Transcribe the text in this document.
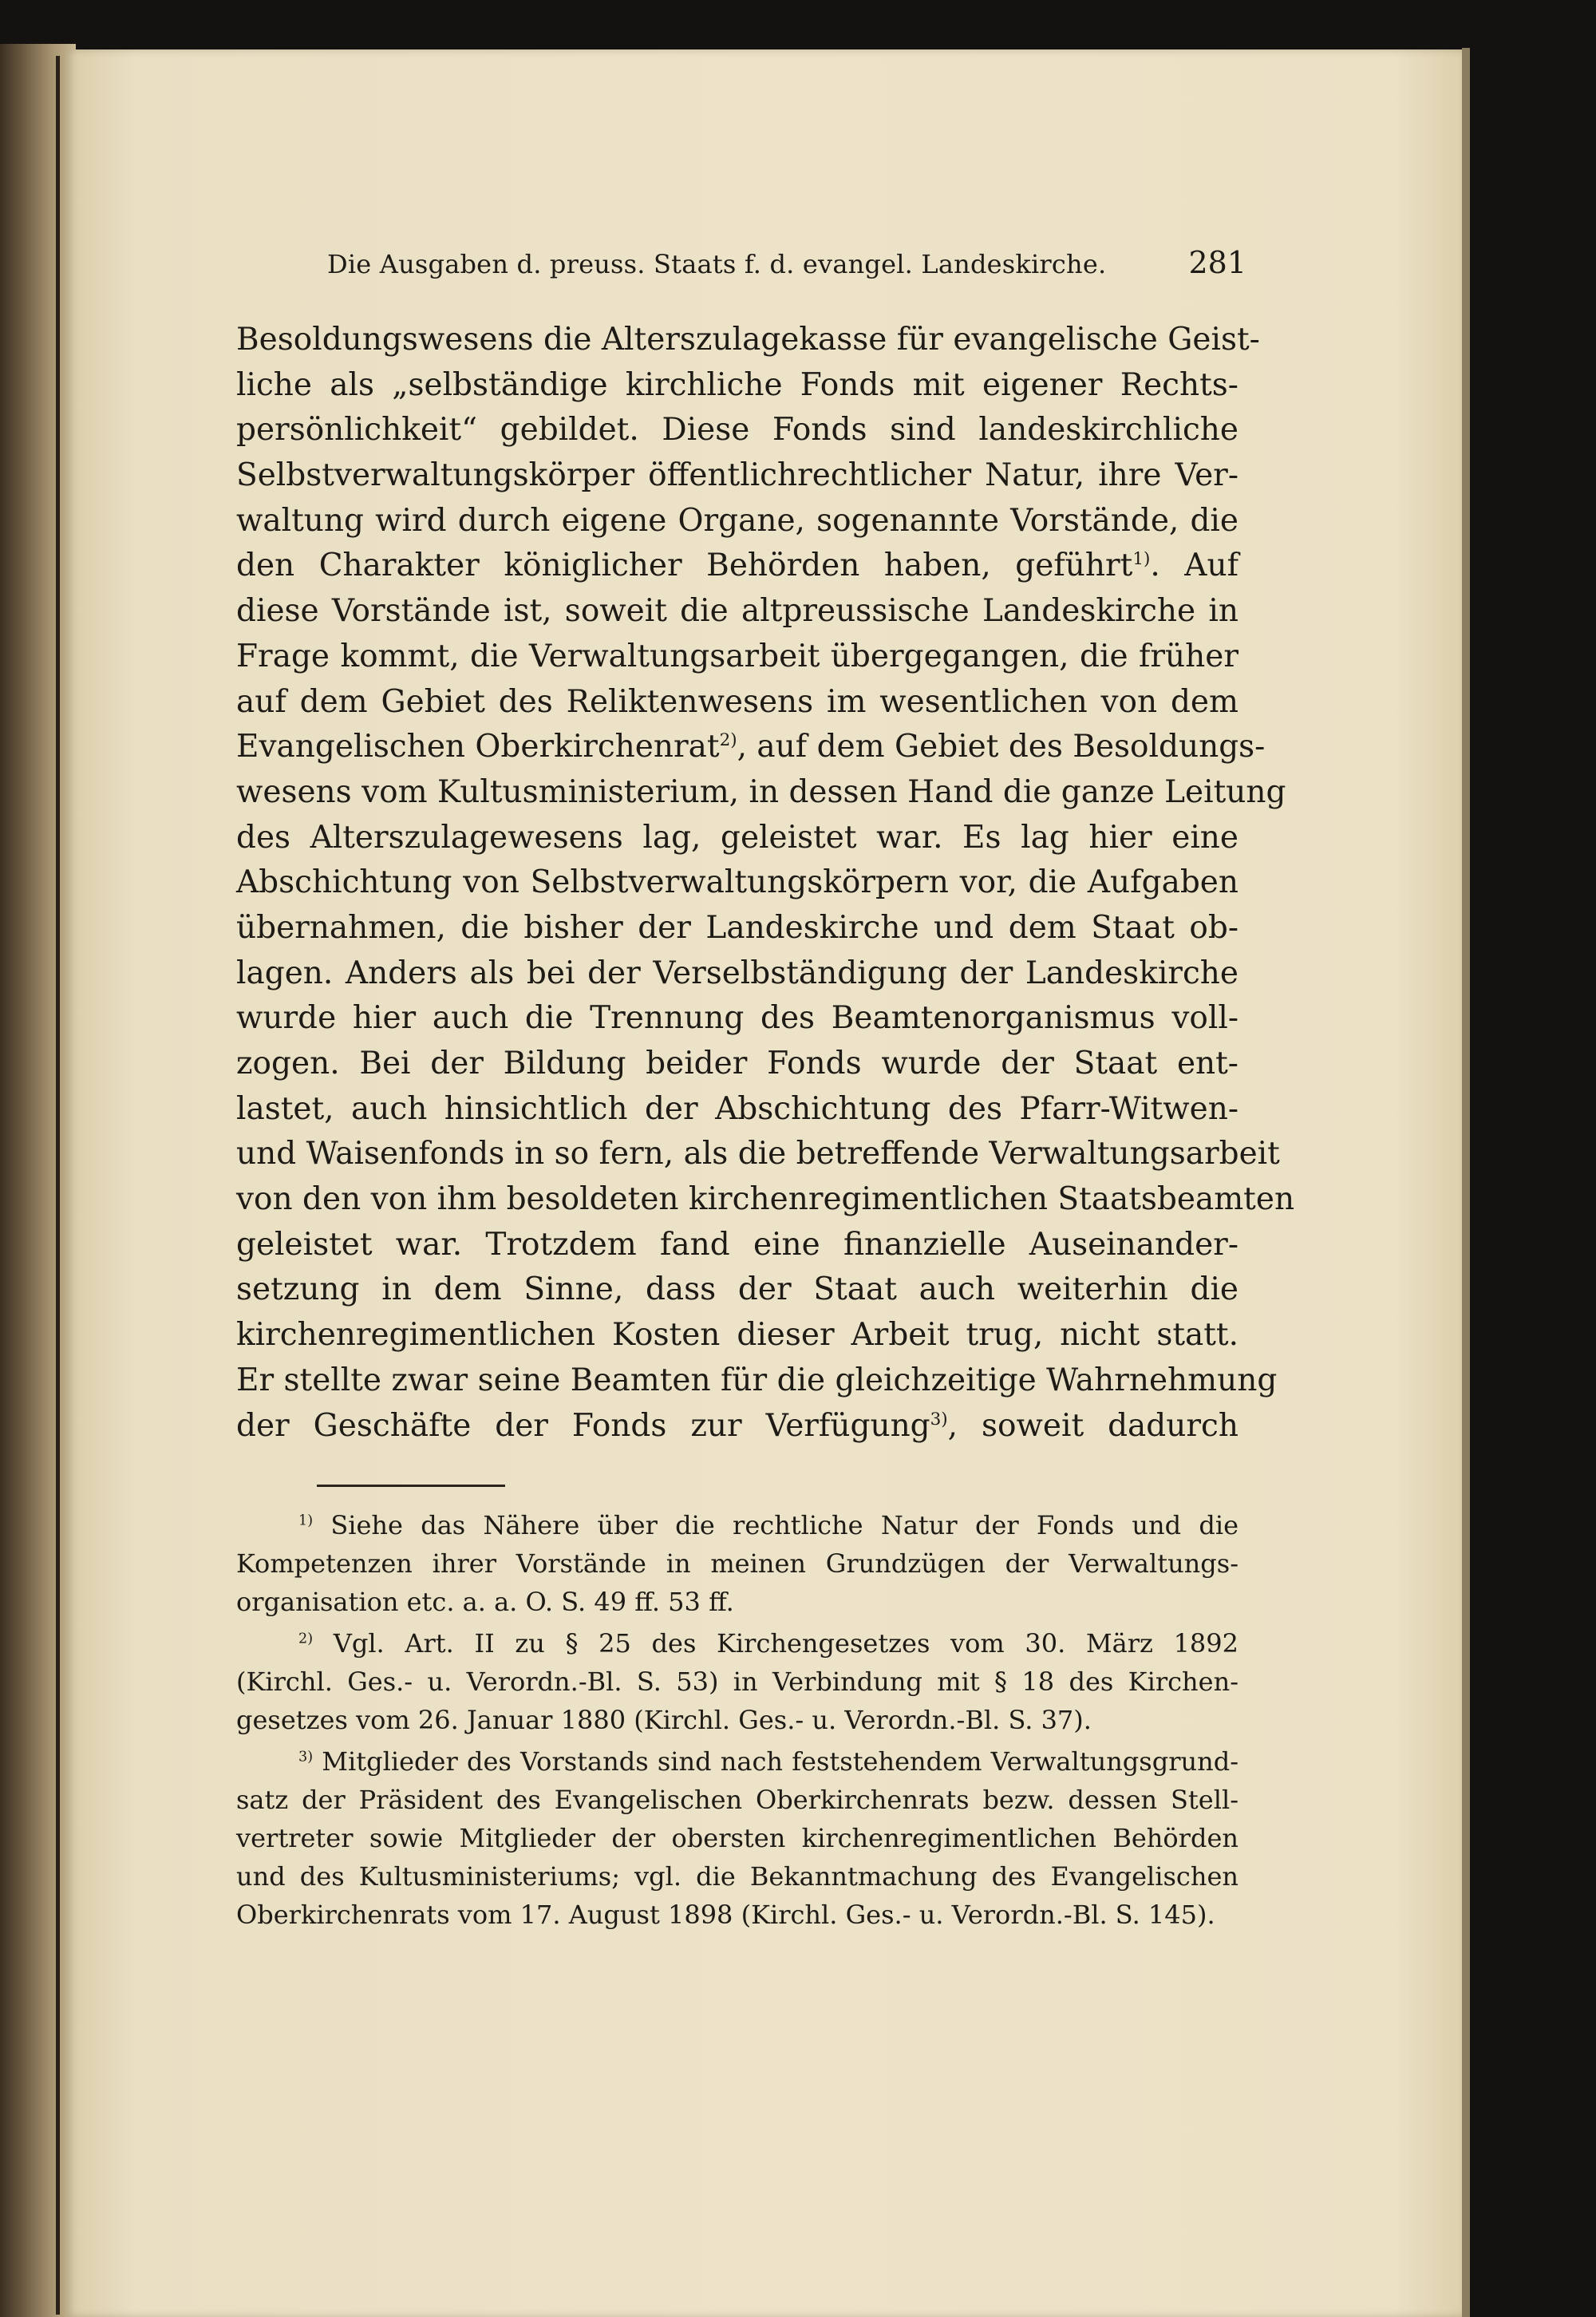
Die Ausgaben d. preuss. Staats f. d. evangel. Landeskirche.	281
Besoldungswesens die Alterszulagekasse für evangelische Geist-
liche als „selbständige kirchliche Fonds mit eigener Rechts-
persönlichkeit“ gebildet. Diese Fonds sind landeskirchliche
Selbstverwaltungskörper öffentlichrechtlicher Natur, ihre Ver-
waltung wird durch eigene Organe, sogenannte Vorstände, die
den Charakter königlicher Behörden haben, geführt$^{1)}$. Auf
diese Vorstände ist, soweit die altpreussische Landeskirche in
Frage kommt, die Verwaltungsarbeit übergegangen, die früher
auf dem Gebiet des Reliktenwesens im wesentlichen von dem
Evangelischen Oberkirchenrat$^{2)}$, auf dem Gebiet des Besoldungs-
wesens vom Kultusministerium, in dessen Hand die ganze Leitung
des Alterszulagewesens lag, geleistet war. Es lag hier eine
Abschichtung von Selbstverwaltungskörpern vor, die Aufgaben
übernahmen, die bisher der Landeskirche und dem Staat ob-
lagen. Anders als bei der Verselbständigung der Landeskirche
wurde hier auch die Trennung des Beamtenorganismus voll-
zogen. Bei der Bildung beider Fonds wurde der Staat ent-
lastet, auch hinsichtlich der Abschichtung des Pfarr-Witwen-
und Waisenfonds in so fern, als die betreffende Verwaltungsarbeit
von den von ihm besoldeten kirchenregimentlichen Staatsbeamten
geleistet war. Trotzdem fand eine finanzielle Auseinander-
setzung in dem Sinne, dass der Staat auch weiterhin die
kirchenregimentlichen Kosten dieser Arbeit trug, nicht statt.
Er stellte zwar seine Beamten für die gleichzeitige Wahrnehmung
der Geschäfte der Fonds zur Verfügung$^{3)}$, soweit dadurch
$^{1)}$ Siehe das Nähere über die rechtliche Natur der Fonds und die
Kompetenzen ihrer Vorstände in meinen Grundzügen der Verwaltungs-
organisation etc. a. a. O. S. 49 ff. 53 ff.
$^{2)}$ Vgl. Art. II zu § 25 des Kirchengesetzes vom 30. März 1892
(Kirchl. Ges.- u. Verordn.-Bl. S. 53) in Verbindung mit § 18 des Kirchen-
gesetzes vom 26. Januar 1880 (Kirchl. Ges.- u. Verordn.-Bl. S. 37).
$^{3)}$ Mitglieder des Vorstands sind nach feststehendem Verwaltungsgrund-
satz der Präsident des Evangelischen Oberkirchenrats bezw. dessen Stell-
vertreter sowie Mitglieder der obersten kirchenregimentlichen Behörden
und des Kultusministeriums; vgl. die Bekanntmachung des Evangelischen
Oberkirchenrats vom 17. August 1898 (Kirchl. Ges.- u. Verordn.-Bl. S. 145).
